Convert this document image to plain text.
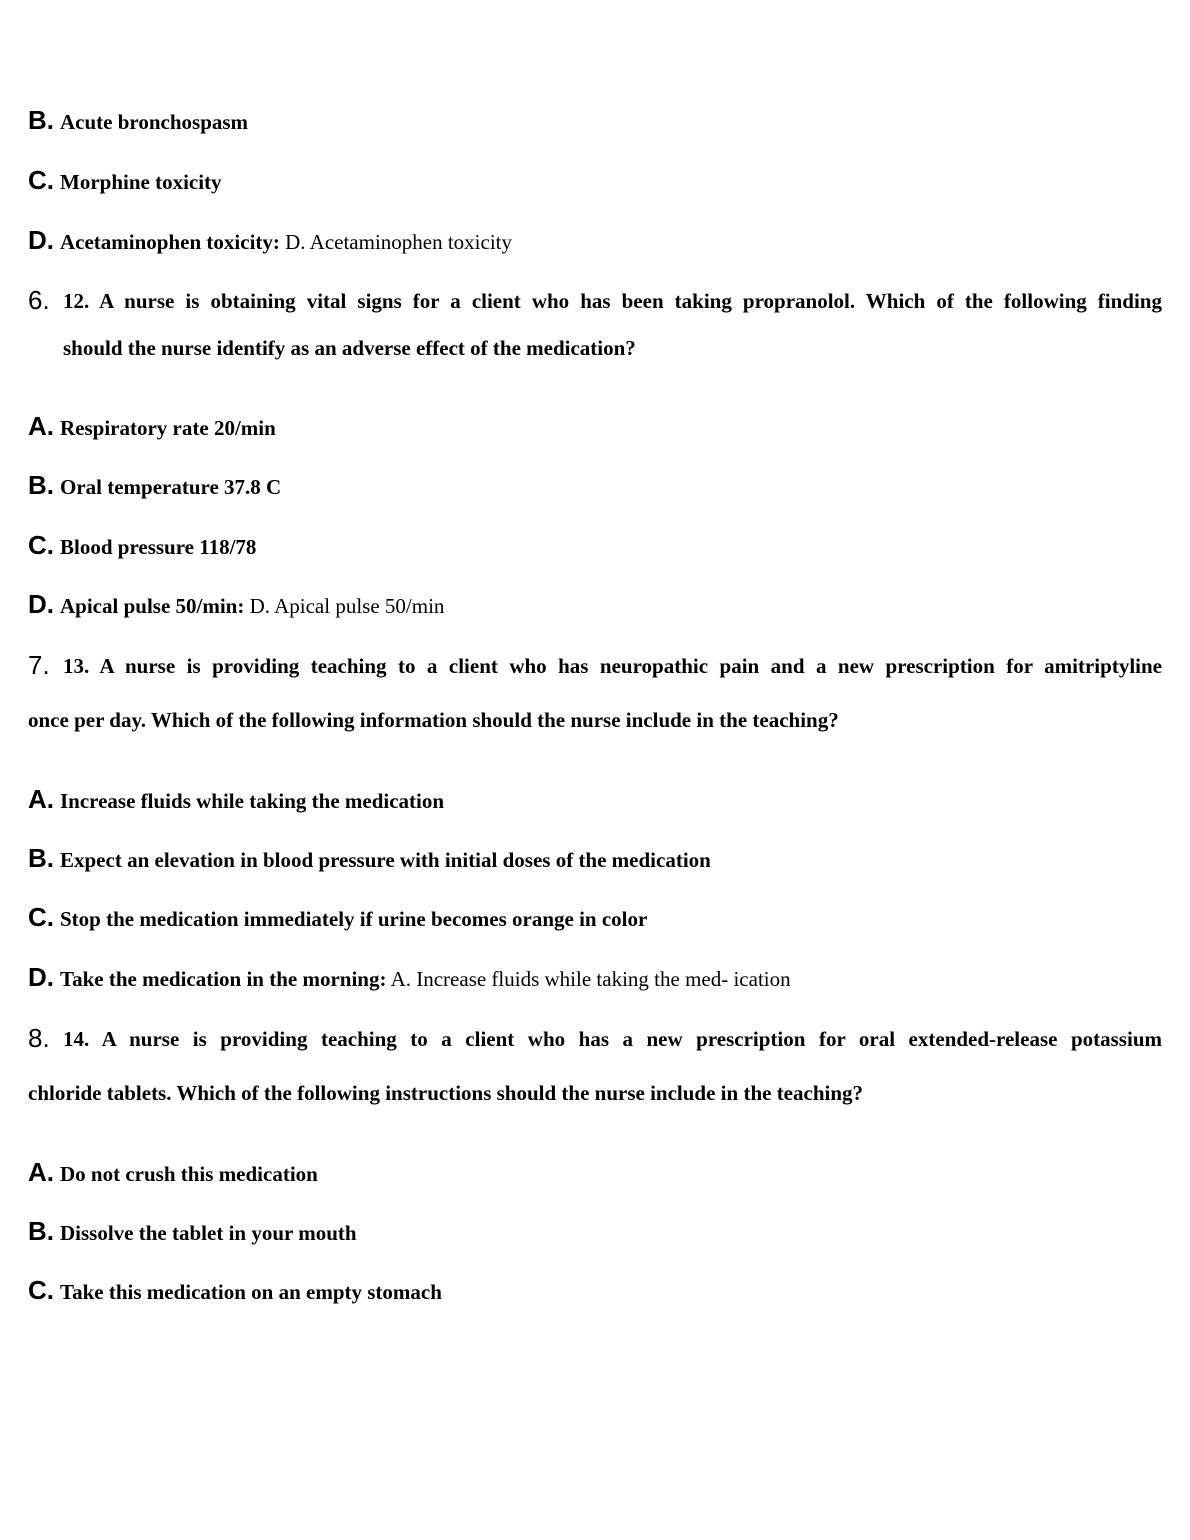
B. Acute bronchospasm
C. Morphine toxicity
D. Acetaminophen toxicity: D. Acetaminophen toxicity
6. 12. A nurse is obtaining vital signs for a client who has been taking propranolol. Which of the following finding
should the nurse identify as an adverse effect of the medication?
A. Respiratory rate 20/min
B. Oral temperature 37.8 C
C. Blood pressure 118/78
D. Apical pulse 50/min: D. Apical pulse 50/min
7. 13. A nurse is providing teaching to a client who has neuropathic pain and a new prescription for amitriptyline
once per day. Which of the following information should the nurse include in the teaching?
A. Increase fluids while taking the medication
B. Expect an elevation in blood pressure with initial doses of the medication
C. Stop the medication immediately if urine becomes orange in color
D. Take the medication in the morning: A. Increase fluids while taking the med- ication
8. 14. A nurse is providing teaching to a client who has a new prescription for oral extended-release potassium
chloride tablets. Which of the following instructions should the nurse include in the teaching?
A. Do not crush this medication
B. Dissolve the tablet in your mouth
C. Take this medication on an empty stomach
